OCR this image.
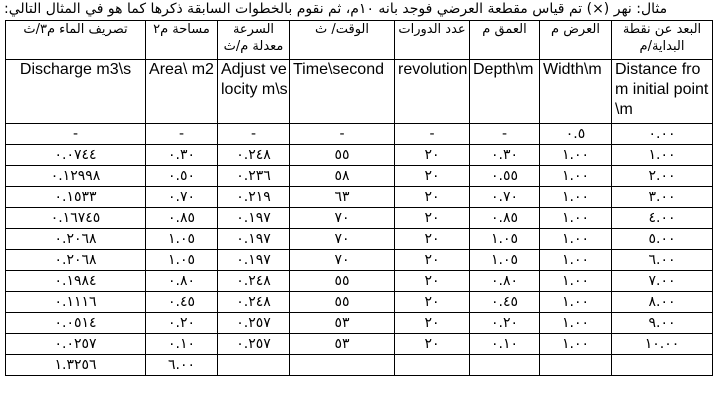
مثال: نهر (×) تم قياس مقطعة العرضي فوجد بانه ١٠م، ثم نقوم بالخطوات السابقة ذكرها كما هو في المثال التالي:
تصريف الماء م٣/ث	مساحة م٢	السرعة معدلة م/ث	الوقت/ ث	عدد الدورات	العمق م	العرض م	البعد عن نقطة البداية/م
Discharge m3\s	Area\ m2	Adjust velocity m\s	Time\second	revolution	Depth\m	Width\m	Distance from initial point\m
-	-	-	-	-	-	٠.٥	٠.٠٠
٠.٠٧٤٤	٠.٣٠	٠.٢٤٨	٥٥	٢٠	٠.٣٠	١.٠٠	١.٠٠
٠.١٢٩٩٨	٠.٥٠	٠.٢٣٦	٥٨	٢٠	٠.٥٥	١.٠٠	٢.٠٠
٠.١٥٣٣	٠.٧٠	٠.٢١٩	٦٣	٢٠	٠.٧٠	١.٠٠	٣.٠٠
٠.١٦٧٤٥	٠.٨٥	٠.١٩٧	٧٠	٢٠	٠.٨٥	١.٠٠	٤.٠٠
٠.٢٠٦٨	١.٠٥	٠.١٩٧	٧٠	٢٠	١.٠٥	١.٠٠	٥.٠٠
٠.٢٠٦٨	١.٠٥	٠.١٩٧	٧٠	٢٠	١.٠٥	١.٠٠	٦.٠٠
٠.١٩٨٤	٠.٨٠	٠.٢٤٨	٥٥	٢٠	٠.٨٠	١.٠٠	٧.٠٠
٠.١١١٦	٠.٤٥	٠.٢٤٨	٥٥	٢٠	٠.٤٥	١.٠٠	٨.٠٠
٠.٠٥١٤	٠.٢٠	٠.٢٥٧	٥٣	٢٠	٠.٢٠	١.٠٠	٩.٠٠
٠.٠٢٥٧	٠.١٠	٠.٢٥٧	٥٣	٢٠	٠.١٠	١.٠٠	١٠.٠٠
١.٣٢٥٦	٦.٠٠						
